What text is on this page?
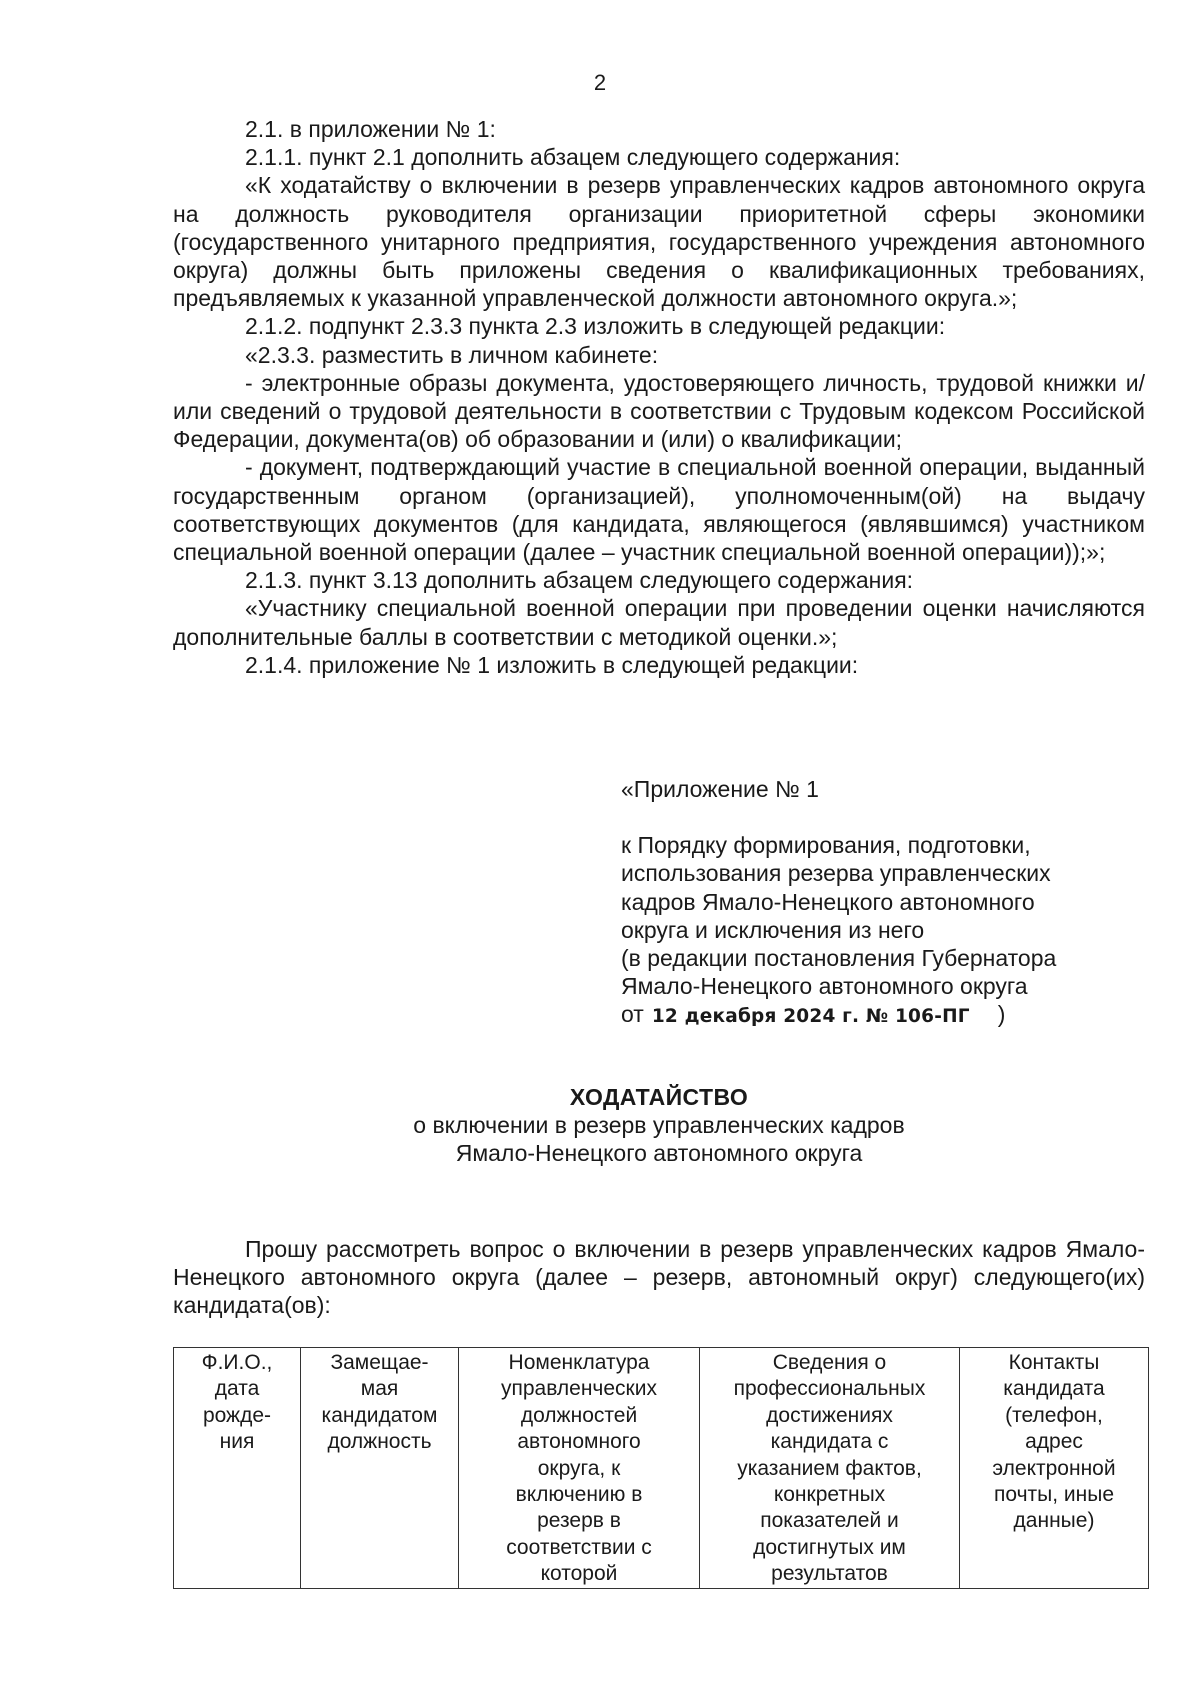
2

2.1. в приложении № 1:

2.1.1. пункт 2.1 дополнить абзацем следующего содержания:

«К ходатайству о включении в резерв управленческих кадров автономного округа на должность руководителя организации приоритетной сферы экономики (государственного унитарного предприятия, государственного учреждения автономного округа) должны быть приложены сведения о квалификационных требованиях, предъявляемых к указанной управленческой должности автономного округа.»;

2.1.2. подпункт 2.3.3 пункта 2.3 изложить в следующей редакции:

«2.3.3. разместить в личном кабинете:

- электронные образы документа, удостоверяющего личность, трудовой книжки и/или сведений о трудовой деятельности в соответствии с Трудовым кодексом Российской Федерации, документа(ов) об образовании и (или) о квалификации;

- документ, подтверждающий участие в специальной военной операции, выданный государственным органом (организацией), уполномоченным(ой) на выдачу соответствующих документов (для кандидата, являющегося (являвшимся) участником специальной военной операции (далее – участник специальной военной операции));»;

2.1.3. пункт 3.13 дополнить абзацем следующего содержания:

«Участнику специальной военной операции при проведении оценки начисляются дополнительные баллы в соответствии с методикой оценки.»;

2.1.4. приложение № 1 изложить в следующей редакции:

«Приложение № 1

к Порядку формирования, подготовки,

использования резерва управленческих

кадров Ямало-Ненецкого автономного

округа и исключения из него

(в редакции постановления Губернатора

Ямало-Ненецкого автономного округа

от 12 декабря 2024 г. № 106-ПГ )

ХОДАТАЙСТВО
о включении в резерв управленческих кадров
Ямало-Ненецкого автономного округа

Прошу рассмотреть вопрос о включении в резерв управленческих кадров Ямало-Ненецкого автономного округа (далее – резерв, автономный округ) следующего(их) кандидата(ов):

Ф.И.О.,
дата
рожде-
ния	Замещае-
мая
кандидатом
должность	Номенклатура
управленческих
должностей
автономного
округа, к
включению в
резерв в
соответствии с
которой	Сведения о
профессиональных
достижениях
кандидата с
указанием фактов,
конкретных
показателей и
достигнутых им
результатов	Контакты
кандидата
(телефон,
адрес
электронной
почты, иные
данные)
